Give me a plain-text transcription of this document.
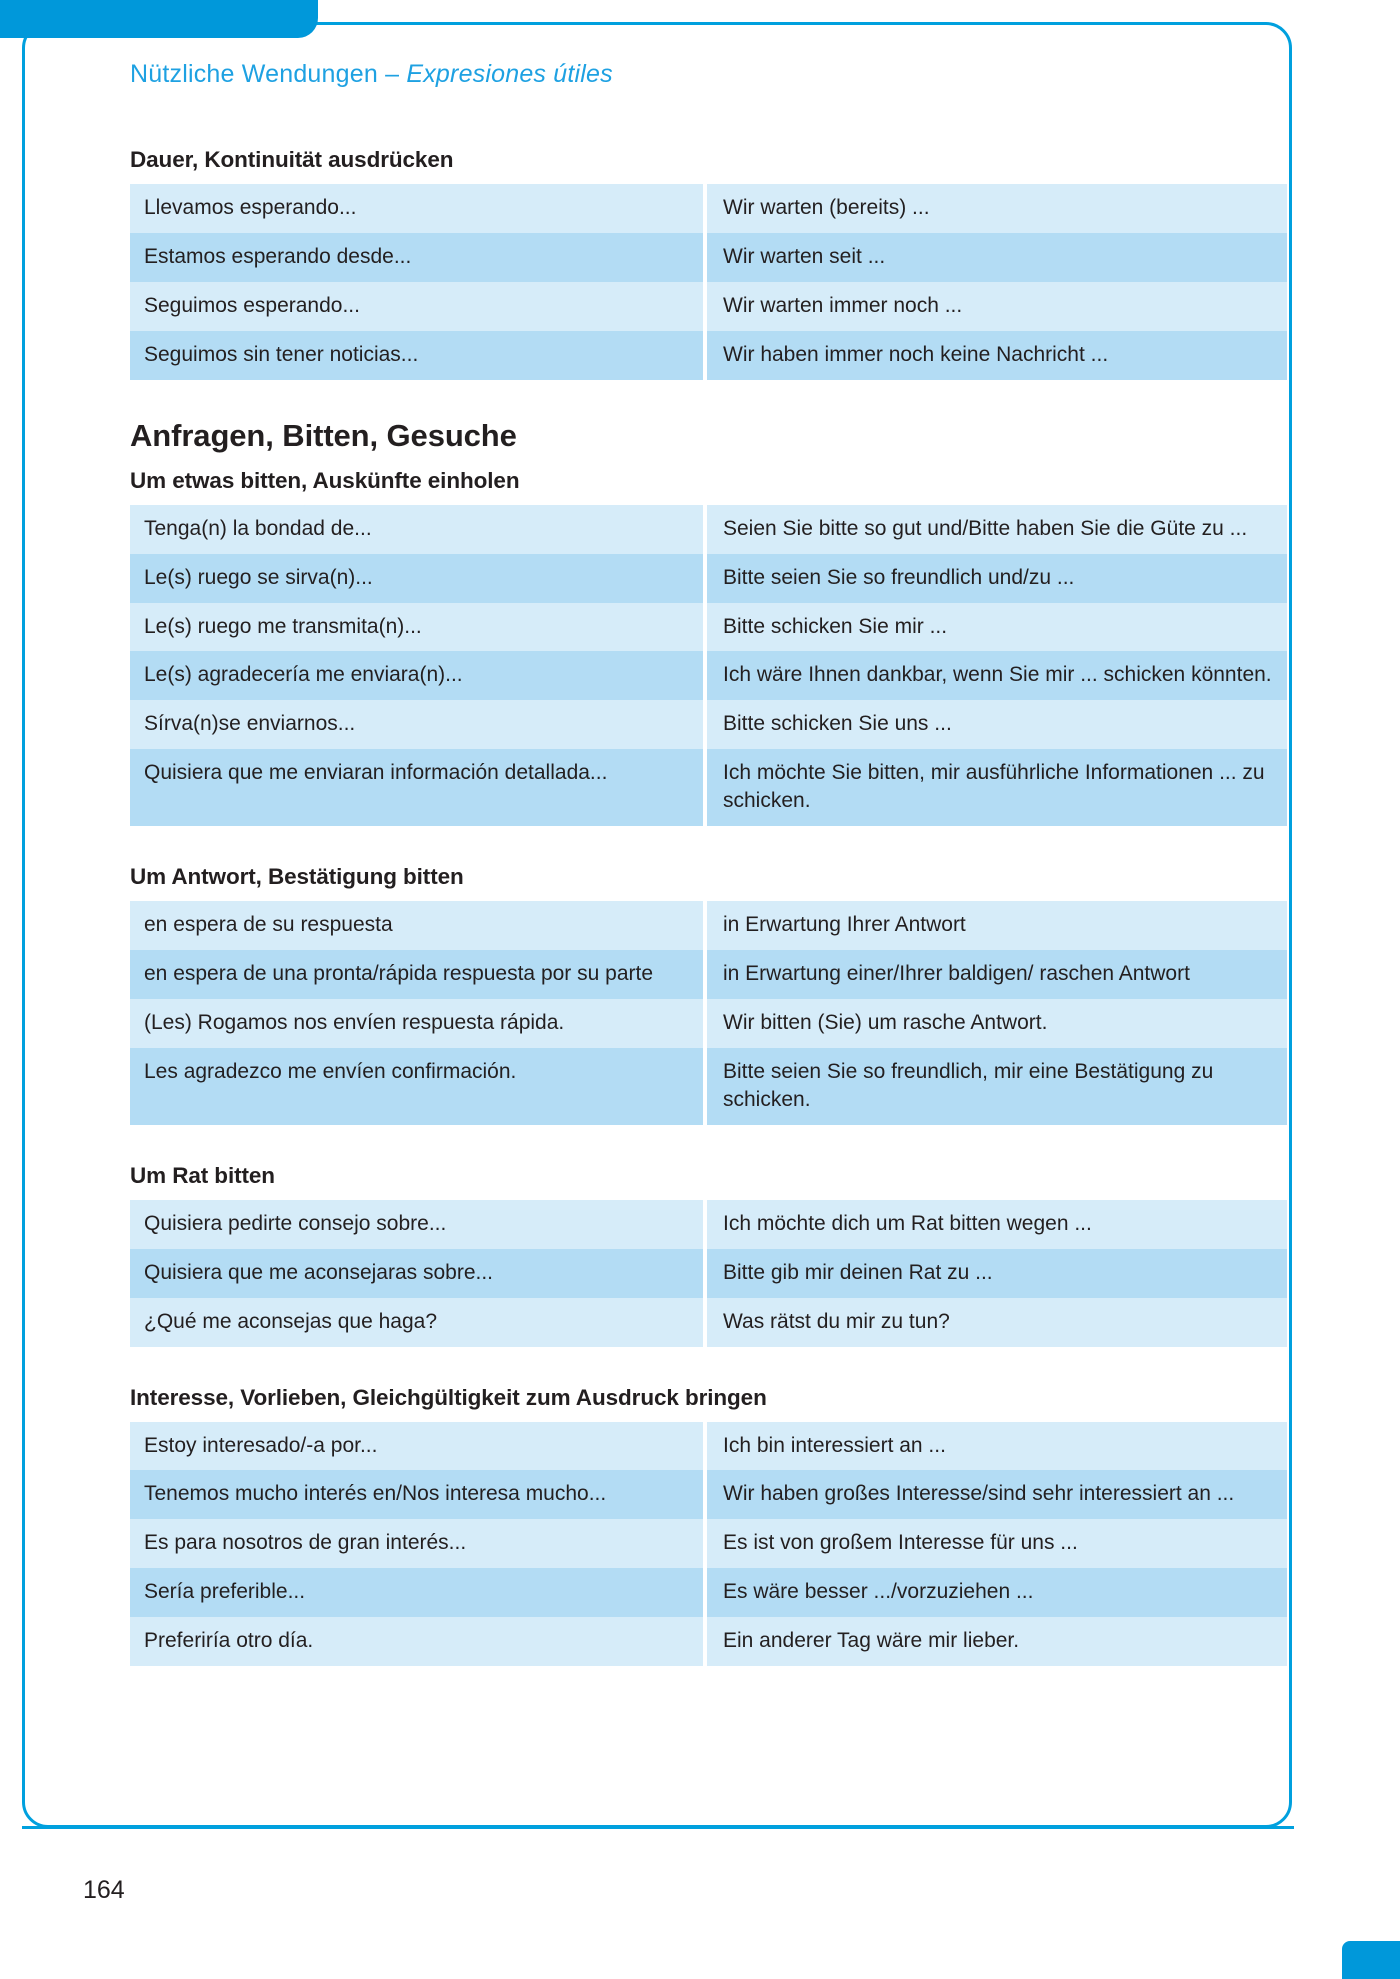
Nützliche Wendungen – Expresiones útiles
Dauer, Kontinuität ausdrücken
Llevamos esperando...	Wir warten (bereits) ...
Estamos esperando desde...	Wir warten seit ...
Seguimos esperando...	Wir warten immer noch ...
Seguimos sin tener noticias...	Wir haben immer noch keine Nachricht ...
Anfragen, Bitten, Gesuche
Um etwas bitten, Auskünfte einholen
Tenga(n) la bondad de...	Seien Sie bitte so gut und/Bitte haben Sie die Güte zu ...
Le(s) ruego se sirva(n)...	Bitte seien Sie so freundlich und/zu ...
Le(s) ruego me transmita(n)...	Bitte schicken Sie mir ...
Le(s) agradecería me enviara(n)...	Ich wäre Ihnen dankbar, wenn Sie mir ... schicken könnten.
Sírva(n)se enviarnos...	Bitte schicken Sie uns ...
Quisiera que me enviaran información detallada...	Ich möchte Sie bitten, mir ausführliche Informationen ... zu schicken.
Um Antwort, Bestätigung bitten
en espera de su respuesta	in Erwartung Ihrer Antwort
en espera de una pronta/rápida respuesta por su parte	in Erwartung einer/Ihrer baldigen/ raschen Antwort
(Les) Rogamos nos envíen respuesta rápida.	Wir bitten (Sie) um rasche Antwort.
Les agradezco me envíen confirmación.	Bitte seien Sie so freundlich, mir eine Bestätigung zu schicken.
Um Rat bitten
Quisiera pedirte consejo sobre...	Ich möchte dich um Rat bitten wegen ...
Quisiera que me aconsejaras sobre...	Bitte gib mir deinen Rat zu ...
¿Qué me aconsejas que haga?	Was rätst du mir zu tun?
Interesse, Vorlieben, Gleichgültigkeit zum Ausdruck bringen
Estoy interesado/-a por...	Ich bin interessiert an ...
Tenemos mucho interés en/Nos interesa mucho...	Wir haben großes Interesse/sind sehr interessiert an ...
Es para nosotros de gran interés...	Es ist von großem Interesse für uns ...
Sería preferible...	Es wäre besser .../vorzuziehen ...
Preferiría otro día.	Ein anderer Tag wäre mir lieber.
164
